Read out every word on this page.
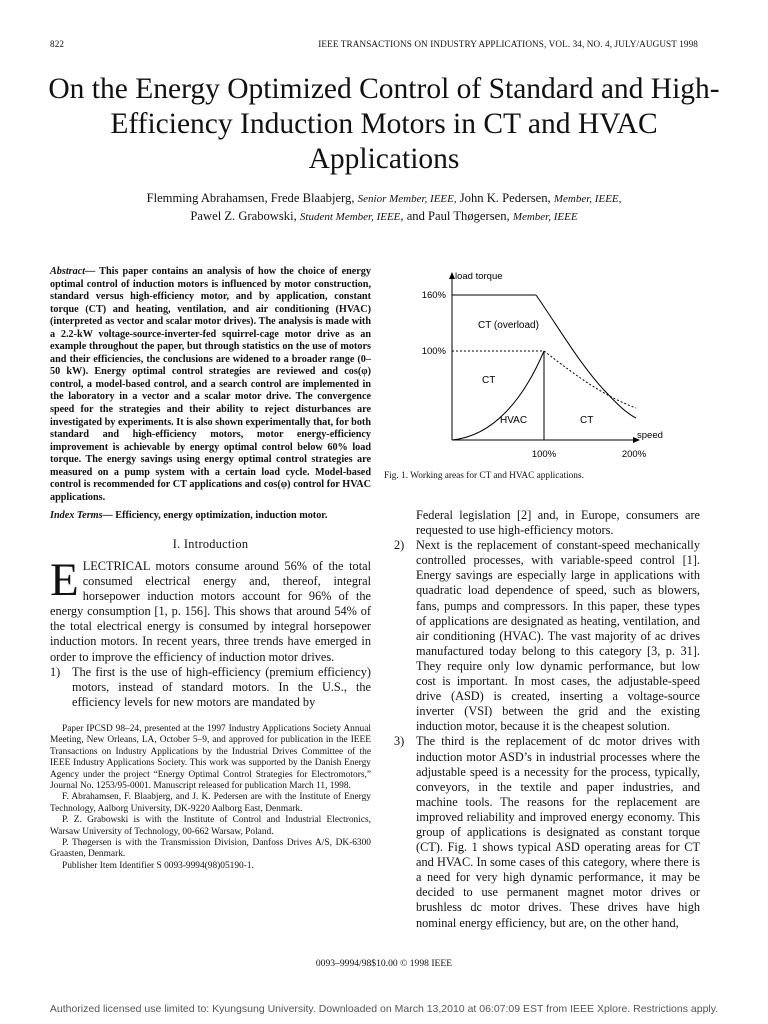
822	IEEE TRANSACTIONS ON INDUSTRY APPLICATIONS, VOL. 34, NO. 4, JULY/AUGUST 1998
On the Energy Optimized Control of Standard and High-Efficiency Induction Motors in CT and HVAC Applications
Flemming Abrahamsen, Frede Blaabjerg, Senior Member, IEEE, John K. Pedersen, Member, IEEE,
Pawel Z. Grabowski, Student Member, IEEE, and Paul Thøgersen, Member, IEEE
Abstract— This paper contains an analysis of how the choice of energy optimal control of induction motors is influenced by motor construction, standard versus high-efficiency motor, and by application, constant torque (CT) and heating, ventilation, and air conditioning (HVAC) (interpreted as vector and scalar motor drives). The analysis is made with a 2.2-kW voltage-source-inverter-fed squirrel-cage motor drive as an example throughout the paper, but through statistics on the use of motors and their efficiencies, the conclusions are widened to a broader range (0–50 kW). Energy optimal control strategies are reviewed and cos(φ) control, a model-based control, and a search control are implemented in the laboratory in a vector and a scalar motor drive. The convergence speed for the strategies and their ability to reject disturbances are investigated by experiments. It is also shown experimentally that, for both standard and high-efficiency motors, motor energy-efficiency improvement is achievable by energy optimal control below 60% load torque. The energy savings using energy optimal control strategies are measured on a pump system with a certain load cycle. Model-based control is recommended for CT applications and cos(φ) control for HVAC applications.
Index Terms— Efficiency, energy optimization, induction motor.
I. Introduction
ELECTRICAL motors consume around 56% of the total consumed electrical energy and, thereof, integral horsepower induction motors account for 96% of the energy consumption [1, p. 156]. This shows that around 54% of the total electrical energy is consumed by integral horsepower induction motors. In recent years, three trends have emerged in order to improve the efficiency of induction motor drives.
1) The first is the use of high-efficiency (premium efficiency) motors, instead of standard motors. In the U.S., the efficiency levels for new motors are mandated by

Paper IPCSD 98–24, presented at the 1997 Industry Applications Society Annual Meeting, New Orleans, LA, October 5–9, and approved for publication in the IEEE Transactions on Industry Applications by the Industrial Drives Committee of the IEEE Industry Applications Society. This work was supported by the Danish Energy Agency under the project “Energy Optimal Control Strategies for Electromotors,” Journal No. 1253/95-0001. Manuscript released for publication March 11, 1998.

F. Abrahamsen, F. Blaabjerg, and J. K. Pedersen are with the Institute of Energy Technology, Aalborg University, DK-9220 Aalborg East, Denmark.

P. Z. Grabowski is with the Institute of Control and Industrial Electronics, Warsaw University of Technology, 00-662 Warsaw, Poland.

P. Thøgersen is with the Transmission Division, Danfoss Drives A/S, DK-6300 Graasten, Denmark.

Publisher Item Identifier S 0093-9994(98)05190-1.

load torque
160%
100%
CT (overload)
CT
HVAC	CT
speed
100%	200%
Fig. 1. Working areas for CT and HVAC applications.
Federal legislation [2] and, in Europe, consumers are requested to use high-efficiency motors.
2) Next is the replacement of constant-speed mechanically controlled processes, with variable-speed control [1]. Energy savings are especially large in applications with quadratic load dependence of speed, such as blowers, fans, pumps and compressors. In this paper, these types of applications are designated as heating, ventilation, and air conditioning (HVAC). The vast majority of ac drives manufactured today belong to this category [3, p. 31]. They require only low dynamic performance, but low cost is important. In most cases, the adjustable-speed drive (ASD) is created, inserting a voltage-source inverter (VSI) between the grid and the existing induction motor, because it is the cheapest solution.
3) The third is the replacement of dc motor drives with induction motor ASD’s in industrial processes where the adjustable speed is a necessity for the process, typically, conveyors, in the textile and paper industries, and machine tools. The reasons for the replacement are improved reliability and improved energy economy. This group of applications is designated as constant torque (CT). Fig. 1 shows typical ASD operating areas for CT and HVAC. In some cases of this category, where there is a need for very high dynamic performance, it may be decided to use permanent magnet motor drives or brushless dc motor drives. These drives have high nominal energy efficiency, but are, on the other hand,
0093–9994/98$10.00 © 1998 IEEE
Authorized licensed use limited to: Kyungsung University. Downloaded on March 13,2010 at 06:07:09 EST from IEEE Xplore. Restrictions apply.
